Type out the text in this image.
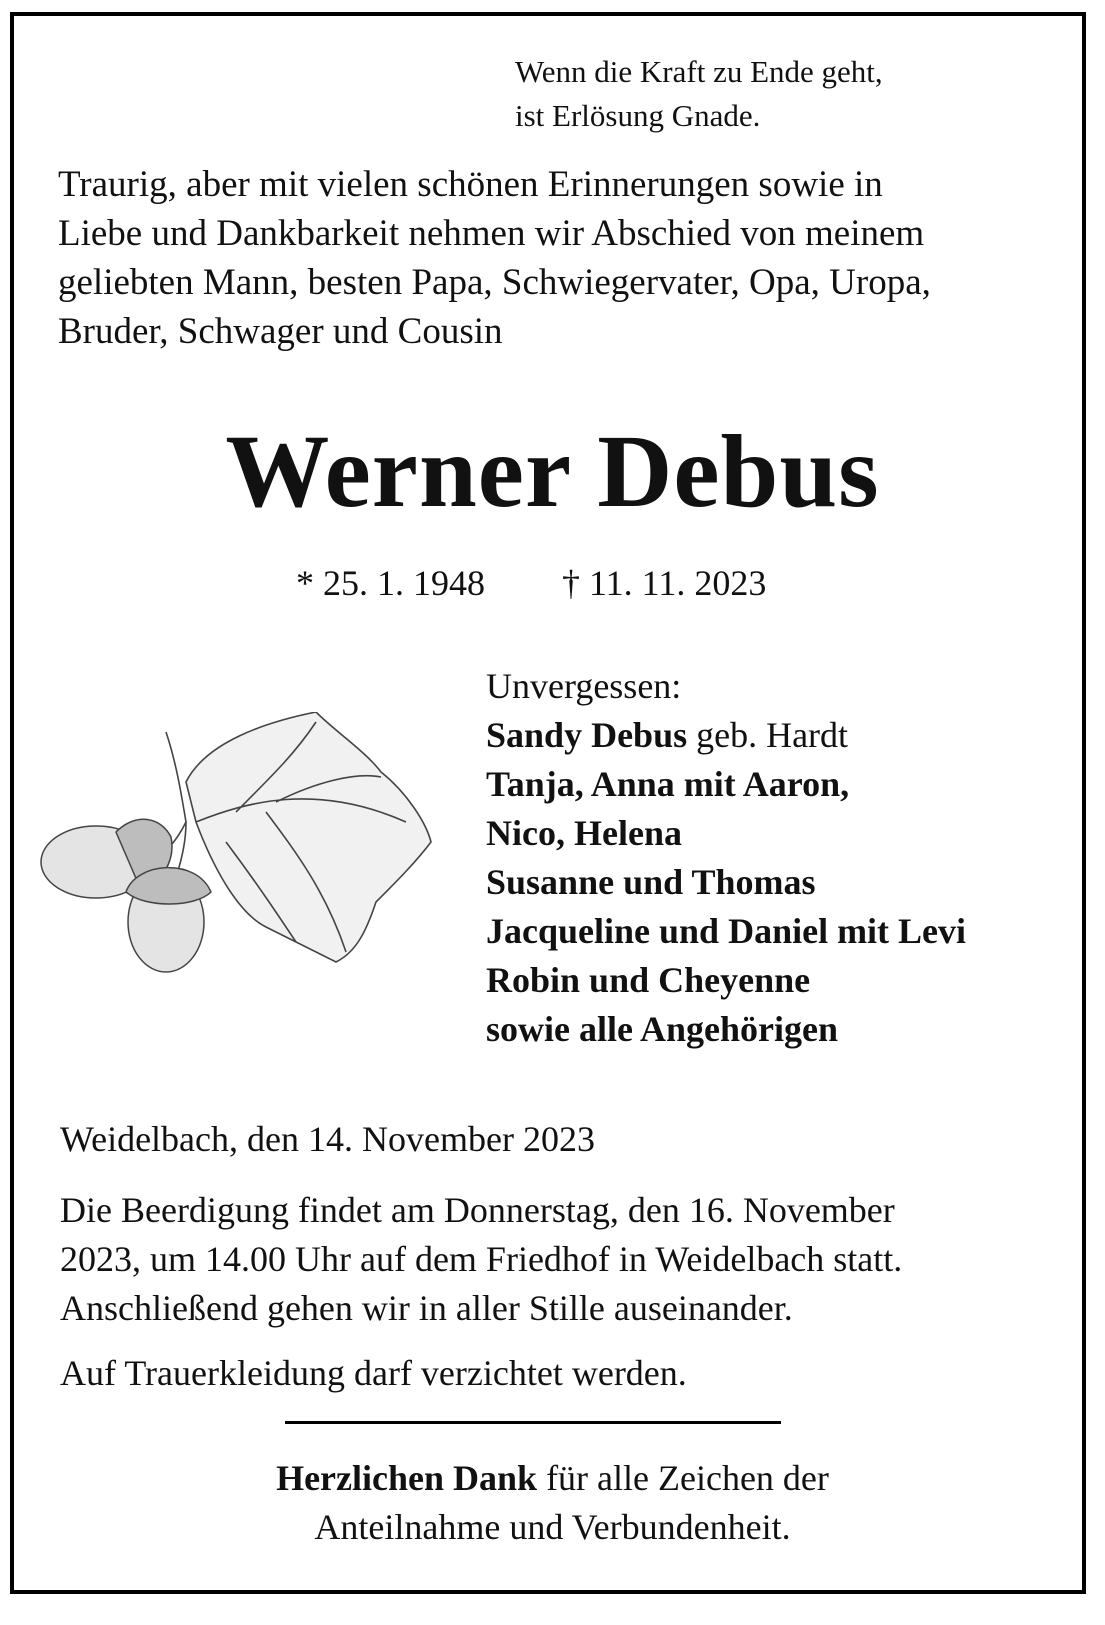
Wenn die Kraft zu Ende geht,
ist Erlösung Gnade.
Traurig, aber mit vielen schönen Erinnerungen sowie in
Liebe und Dankbarkeit nehmen wir Abschied von meinem
geliebten Mann, besten Papa, Schwiegervater, Opa, Uropa,
Bruder, Schwager und Cousin
Werner Debus
* 25. 1. 1948 † 11. 11. 2023
Unvergessen:
Sandy Debus geb. Hardt
Tanja, Anna mit Aaron,
Nico, Helena
Susanne und Thomas
Jacqueline und Daniel mit Levi
Robin und Cheyenne
sowie alle Angehörigen
Weidelbach, den 14. November 2023
Die Beerdigung findet am Donnerstag, den 16. November
2023, um 14.00 Uhr auf dem Friedhof in Weidelbach statt.
Anschließend gehen wir in aller Stille auseinander.
Auf Trauerkleidung darf verzichtet werden.
Herzlichen Dank für alle Zeichen der
Anteilnahme und Verbundenheit.
